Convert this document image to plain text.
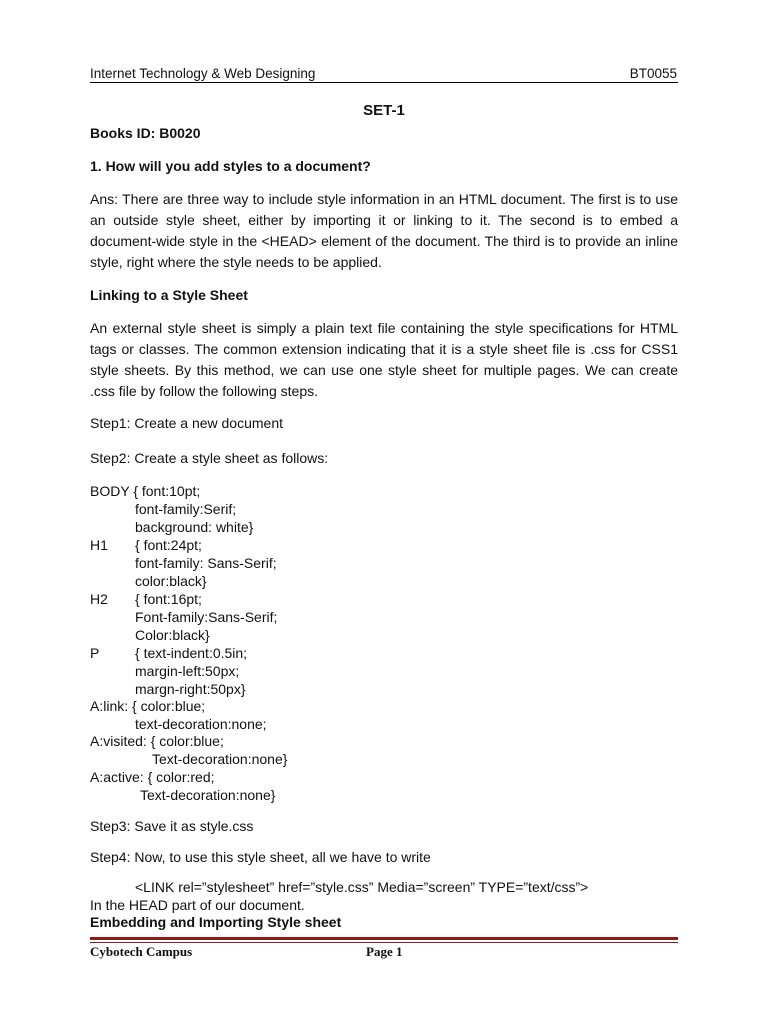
Internet Technology & Web Designing	BT0055
SET-1
Books ID: B0020
1. How will you add styles to a document?
Ans: There are three way to include style information in an HTML document. The first is to use an outside style sheet, either by importing it or linking to it. The second is to embed a document-wide style in the <HEAD> element of the document. The third is to provide an inline style, right where the style needs to be applied.
Linking to a Style Sheet
An external style sheet is simply a plain text file containing the style specifications for HTML tags or classes. The common extension indicating that it is a style sheet file is .css for CSS1 style sheets. By this method, we can use one style sheet for multiple pages. We can create .css file by follow the following steps.
Step1: Create a new document
Step2: Create a style sheet as follows:
BODY { font:10pt;
font-family:Serif;
background: white}
H1 { font:24pt;
font-family: Sans-Serif;
color:black}
H2 { font:16pt;
Font-family:Sans-Serif;
Color:black}
P	{ text-indent:0.5in;
margin-left:50px;
margn-right:50px}
A:link: { color:blue;
text-decoration:none;
A:visited: { color:blue;
Text-decoration:none}
A:active: { color:red;
Text-decoration:none}
Step3: Save it as style.css
Step4: Now, to use this style sheet, all we have to write
<LINK rel=”stylesheet” href=”style.css” Media=”screen” TYPE=”text/css”>
In the HEAD part of our document.
Embedding and Importing Style sheet
Cybotech Campus	Page 1
